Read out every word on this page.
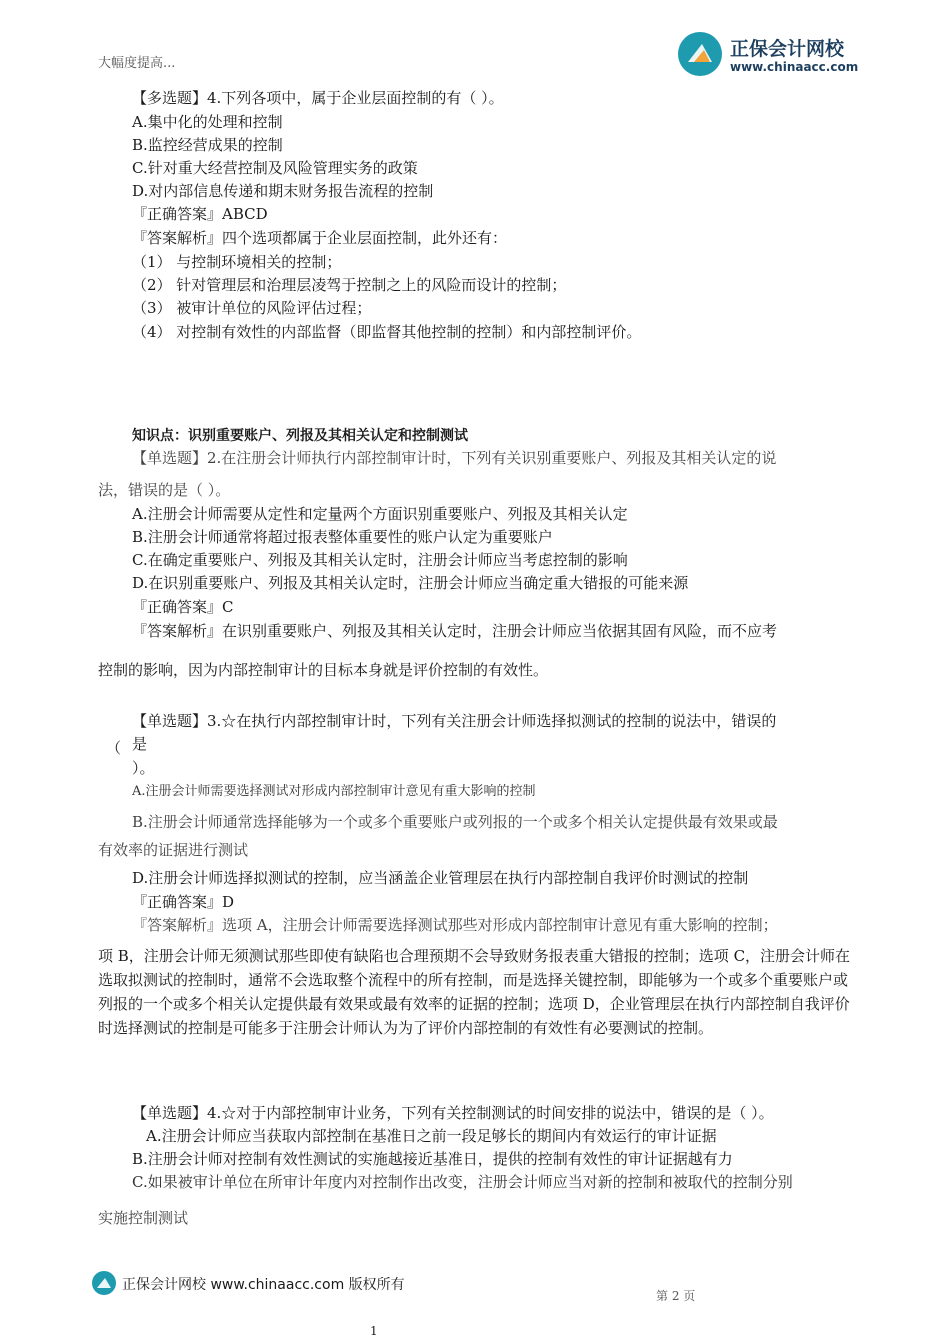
大幅度提高...
正保会计网校
www.chinaacc.com
【多选题】4.下列各项中，属于企业层面控制的有（ ）。
A.集中化的处理和控制
B.监控经营成果的控制
C.针对重大经营控制及风险管理实务的政策
D.对内部信息传递和期末财务报告流程的控制
『正确答案』ABCD
『答案解析』四个选项都属于企业层面控制，此外还有：
（1） 与控制环境相关的控制；
（2） 针对管理层和治理层凌驾于控制之上的风险而设计的控制；
（3） 被审计单位的风险评估过程；
（4） 对控制有效性的内部监督（即监督其他控制的控制）和内部控制评价。
知识点：识别重要账户、列报及其相关认定和控制测试
【单选题】2.在注册会计师执行内部控制审计时，下列有关识别重要账户、列报及其相关认定的说
法，错误的是（ ）。
A.注册会计师需要从定性和定量两个方面识别重要账户、列报及其相关认定
B.注册会计师通常将超过报表整体重要性的账户认定为重要账户
C.在确定重要账户、列报及其相关认定时，注册会计师应当考虑控制的影响
D.在识别重要账户、列报及其相关认定时，注册会计师应当确定重大错报的可能来源
『正确答案』C
『答案解析』在识别重要账户、列报及其相关认定时，注册会计师应当依据其固有风险，而不应考
控制的影响，因为内部控制审计的目标本身就是评价控制的有效性。
【单选题】3.☆在执行内部控制审计时，下列有关注册会计师选择拟测试的控制的说法中，错误的
（ 是
）。
A.注册会计师需要选择测试对形成内部控制审计意见有重大影响的控制
B.注册会计师通常选择能够为一个或多个重要账户或列报的一个或多个相关认定提供最有效果或最
有效率的证据进行测试
D.注册会计师选择拟测试的控制，应当涵盖企业管理层在执行内部控制自我评价时测试的控制
『正确答案』D
『答案解析』选项 A，注册会计师需要选择测试那些对形成内部控制审计意见有重大影响的控制；
项 B，注册会计师无须测试那些即使有缺陷也合理预期不会导致财务报表重大错报的控制；选项 C，注册会计师在选取拟测试的控制时，通常不会选取整个流程中的所有控制，而是选择关键控制，即能够为一个或多个重要账户或列报的一个或多个相关认定提供最有效果或最有效率的证据的控制；选项 D，企业管理层在执行内部控制自我评价时选择测试的控制是可能多于注册会计师认为为了评价内部控制的有效性有必要测试的控制。
【单选题】4.☆对于内部控制审计业务，下列有关控制测试的时间安排的说法中，错误的是（ ）。
A.注册会计师应当获取内部控制在基准日之前一段足够长的期间内有效运行的审计证据
B.注册会计师对控制有效性测试的实施越接近基准日，提供的控制有效性的审计证据越有力
C.如果被审计单位在所审计年度内对控制作出改变，注册会计师应当对新的控制和被取代的控制分别
实施控制测试
正保会计网校 www.chinaacc.com 版权所有
第 2 页
1
